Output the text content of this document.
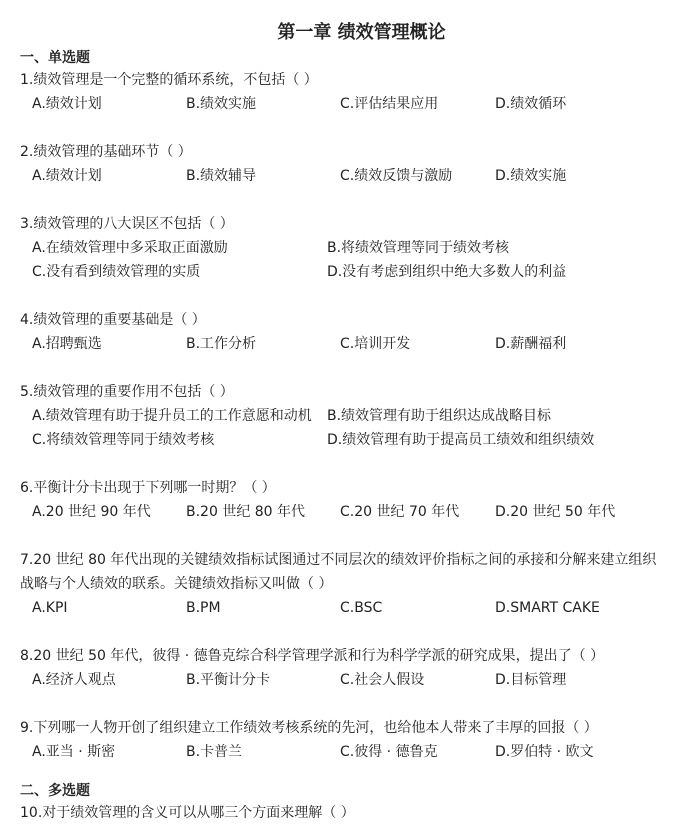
第一章 绩效管理概论
一、单选题
1.绩效管理是一个完整的循环系统，不包括（ ）
A.绩效计划	B.绩效实施	C.评估结果应用	D.绩效循环
2.绩效管理的基础环节（ ）
A.绩效计划	B.绩效辅导	C.绩效反馈与激励	D.绩效实施
3.绩效管理的八大误区不包括（ ）
A.在绩效管理中多采取正面激励	B.将绩效管理等同于绩效考核
C.没有看到绩效管理的实质	D.没有考虑到组织中绝大多数人的利益
4.绩效管理的重要基础是（ ）
A.招聘甄选	B.工作分析	C.培训开发	D.薪酬福利
5.绩效管理的重要作用不包括（ ）
A.绩效管理有助于提升员工的工作意愿和动机 B.绩效管理有助于组织达成战略目标
C.将绩效管理等同于绩效考核	D.绩效管理有助于提高员工绩效和组织绩效
6.平衡计分卡出现于下列哪一时期？（ ）
A.20 世纪 90 年代	B.20 世纪 80 年代 C.20 世纪 70 年代	D.20 世纪 50 年代
7.20 世纪 80 年代出现的关键绩效指标试图通过不同层次的绩效评价指标之间的承接和分解来建立组织战略与个人绩效的联系。关键绩效指标又叫做（ ）
A.KPI	B.PM	C.BSC	D.SMART CAKE
8.20 世纪 50 年代，彼得 · 德鲁克综合科学管理学派和行为科学学派的研究成果，提出了（ ）
A.经济人观点	B.平衡计分卡	C.社会人假设	D.目标管理
9.下列哪一人物开创了组织建立工作绩效考核系统的先河，也给他本人带来了丰厚的回报（ ）
A.亚当 · 斯密	B.卡普兰	C.彼得 · 德鲁克	D.罗伯特 · 欧文
二、多选题
10.对于绩效管理的含义可以从哪三个方面来理解（ ）
